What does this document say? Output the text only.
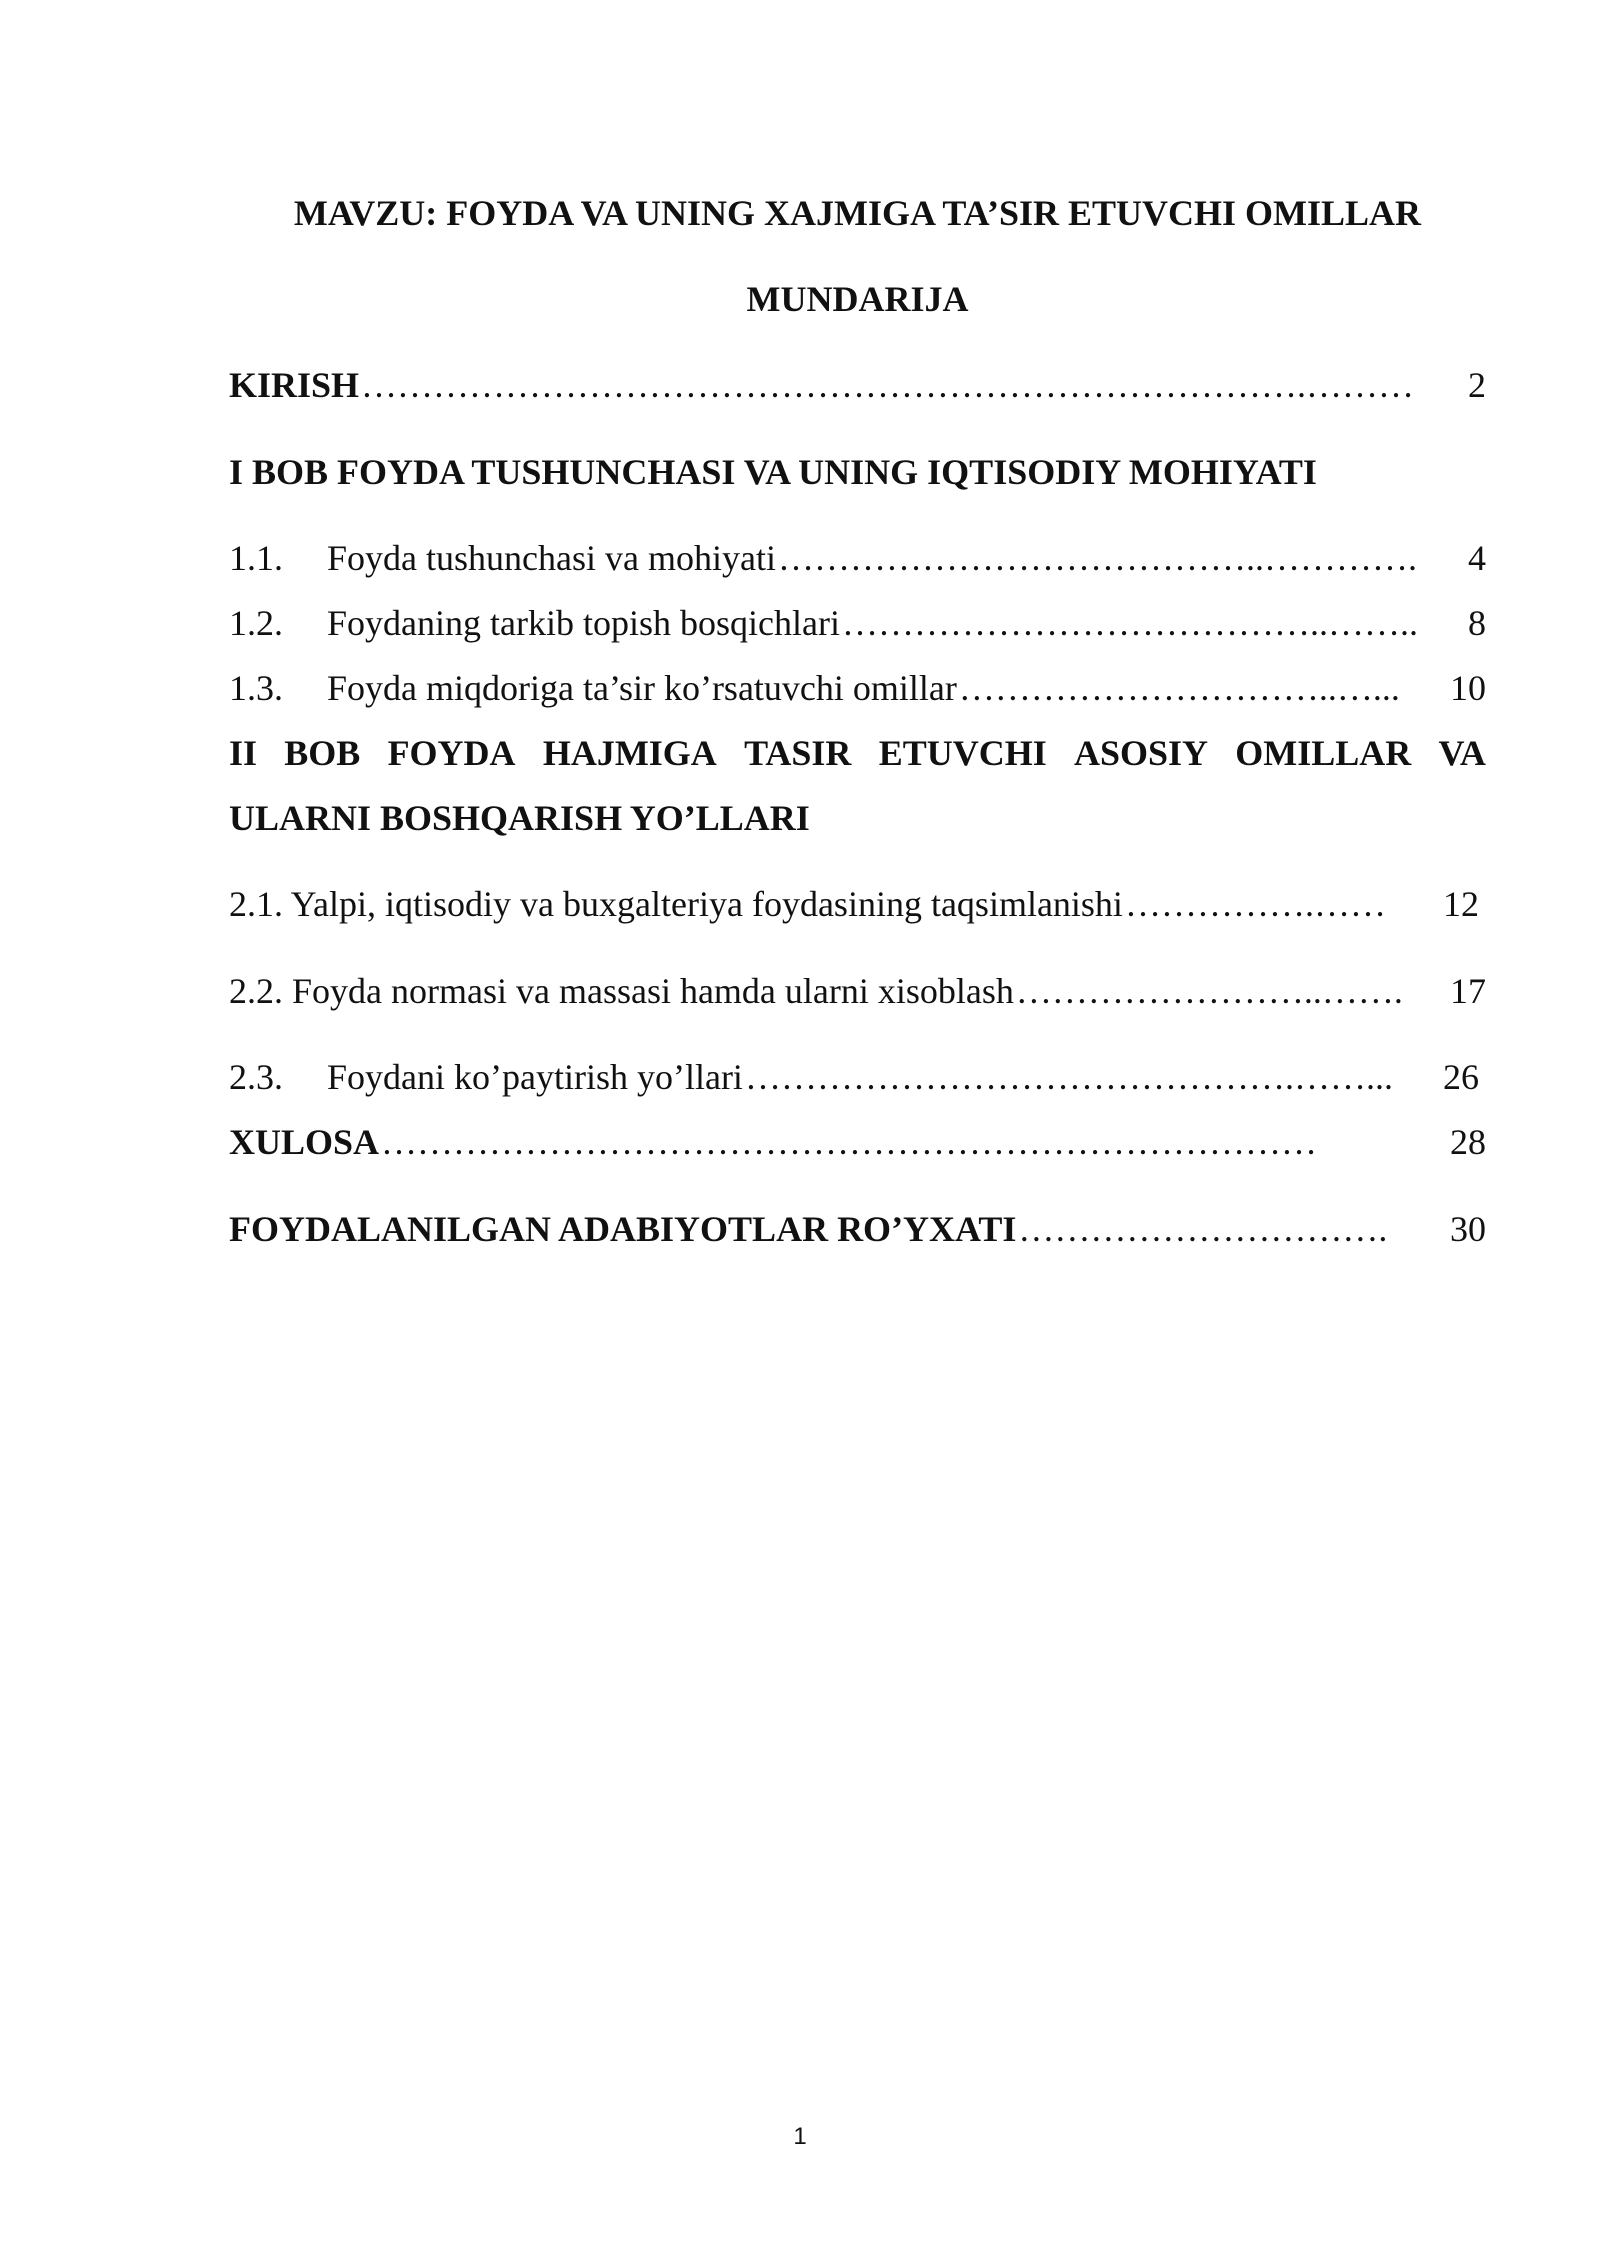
MAVZU: FOYDA VA UNING XAJMIGA TA’SIR ETUVCHI OMILLAR
MUNDARIJA
KIRISH …………………………………………………………………….………	2
I BOB FOYDA TUSHUNCHASI VA UNING IQTISODIY MOHIYATI
1.1.	Foyda tushunchasi va mohiyati …………………………………..………….	4
1.2.	Foydaning tarkib topish bosqichlari …………………………………..……..	8
1.3.	Foyda miqdoriga ta’sir ko’rsatuvchi omillar …………………………..…...	10
II BOB FOYDA HAJMIGA TASIR ETUVCHI ASOSIY OMILLAR VA
ULARNI BOSHQARISH YO’LLARI
2.1. Yalpi, iqtisodiy va buxgalteriya foydasining taqsimlanishi …………….……	12
2.2. Foyda normasi va massasi hamda ularni xisoblash ……………………..…….	17
2.3.	Foydani ko’paytirish yo’llari ……………………………………….……...	26
XULOSA ……………………………………………………………………	28
FOYDALANILGAN ADABIYOTLAR RO’YXATI ………………………….	30
1
